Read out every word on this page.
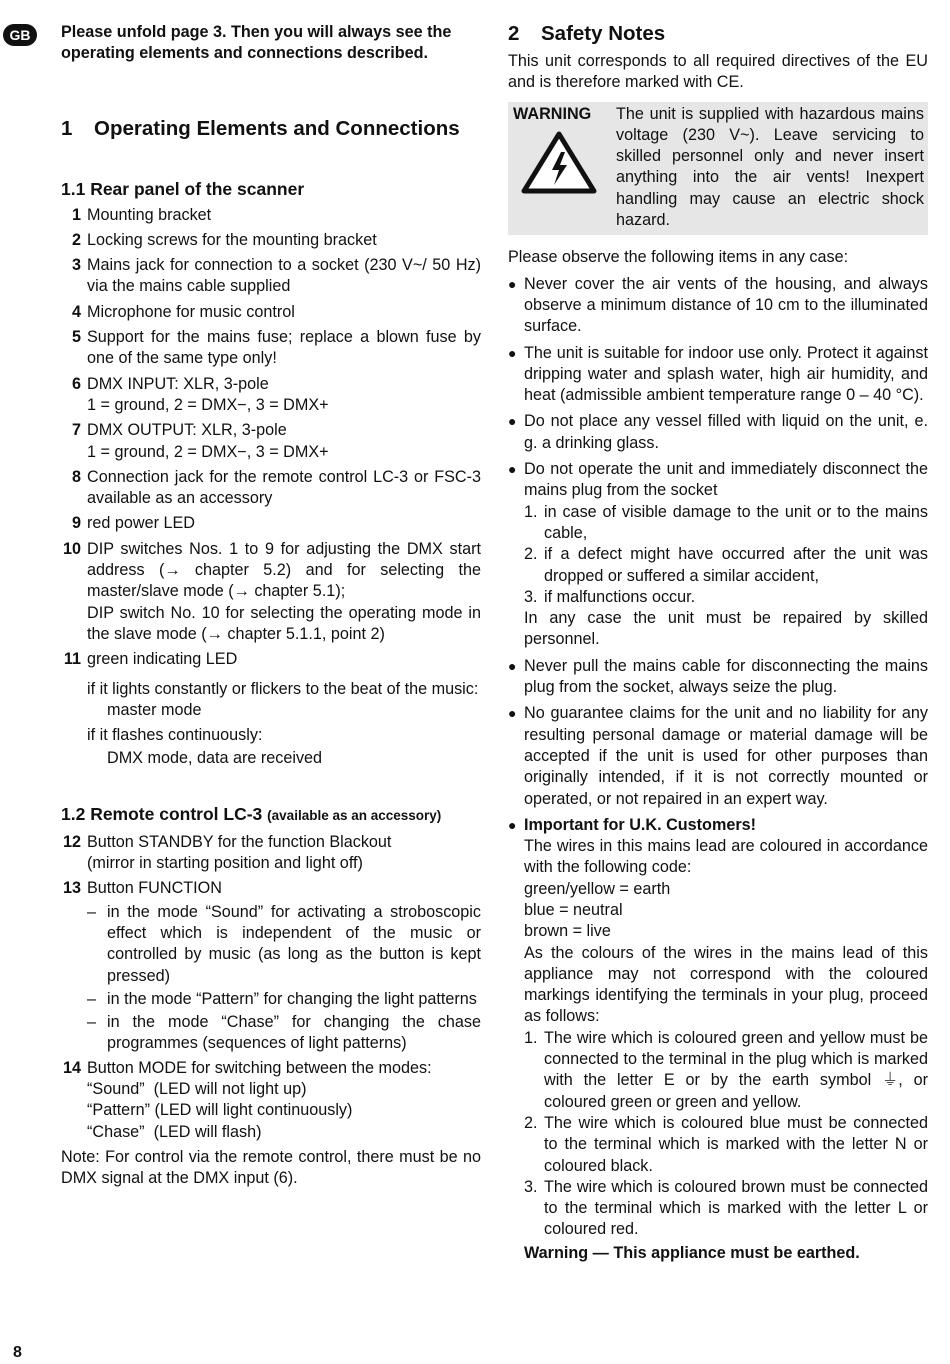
GB	Please unfold page 3. Then you will always see the operating elements and connections described.

1 Operating Elements and Connections
1.1 Rear panel of the scanner
1 Mounting bracket
2 Locking screws for the mounting bracket
3 Mains jack for connection to a socket (230 V~/ 50 Hz) via the mains cable supplied
4 Microphone for music control
5 Support for the mains fuse; replace a blown fuse by one of the same type only!
6 DMX INPUT: XLR, 3-pole
1 = ground, 2 = DMX−, 3 = DMX+
7 DMX OUTPUT: XLR, 3-pole
1 = ground, 2 = DMX−, 3 = DMX+
8 Connection jack for the remote control LC-3 or FSC-3 available as an accessory
9 red power LED
10 DIP switches Nos. 1 to 9 for adjusting the DMX start address (→ chapter 5.2) and for selecting the master/slave mode (→ chapter 5.1);
DIP switch No. 10 for selecting the operating mode in the slave mode (→ chapter 5.1.1, point 2)
11 green indicating LED
if it lights constantly or flickers to the beat of the music:
master mode
if it flashes continuously:
DMX mode, data are received
1.2 Remote control LC-3 (available as an accessory)
12 Button STANDBY for the function Blackout
(mirror in starting position and light off)
13 Button FUNCTION
– in the mode “Sound” for activating a stroboscopic effect which is independent of the music or controlled by music (as long as the button is kept pressed)
– in the mode “Pattern” for changing the light patterns
– in the mode “Chase” for changing the chase programmes (sequences of light patterns)
14 Button MODE for switching between the modes:
“Sound”  (LED will not light up)
“Pattern” (LED will light continuously)
“Chase”  (LED will flash)
Note: For control via the remote control, there must be no DMX signal at the DMX input (6).
2 Safety Notes
This unit corresponds to all required directives of the EU and is therefore marked with CE.
WARNING	The unit is supplied with hazardous mains voltage (230 V~). Leave servicing to skilled personnel only and never insert anything into the air vents! Inexpert handling may cause an electric shock hazard.
Please observe the following items in any case:
● Never cover the air vents of the housing, and always observe a minimum distance of 10 cm to the illuminated surface.
● The unit is suitable for indoor use only. Protect it against dripping water and splash water, high air humidity, and heat (admissible ambient temperature range 0 – 40 °C).
● Do not place any vessel filled with liquid on the unit, e. g. a drinking glass.
● Do not operate the unit and immediately disconnect the mains plug from the socket
1. in case of visible damage to the unit or to the mains cable,
2. if a defect might have occurred after the unit was dropped or suffered a similar accident,
3. if malfunctions occur.
In any case the unit must be repaired by skilled personnel.
● Never pull the mains cable for disconnecting the mains plug from the socket, always seize the plug.
● No guarantee claims for the unit and no liability for any resulting personal damage or material damage will be accepted if the unit is used for other purposes than originally intended, if it is not correctly mounted or operated, or not repaired in an expert way.
● Important for U.K. Customers!
The wires in this mains lead are coloured in accordance with the following code:
green/yellow = earth
blue = neutral
brown = live
As the colours of the wires in the mains lead of this appliance may not correspond with the coloured markings identifying the terminals in your plug, proceed as follows:
1. The wire which is coloured green and yellow must be connected to the terminal in the plug which is marked with the letter E or by the earth symbol ⏚, or coloured green or green and yellow.
2. The wire which is coloured blue must be connected to the terminal which is marked with the letter N or coloured black.
3. The wire which is coloured brown must be connected to the terminal which is marked with the letter L or coloured red.
Warning — This appliance must be earthed.
8
